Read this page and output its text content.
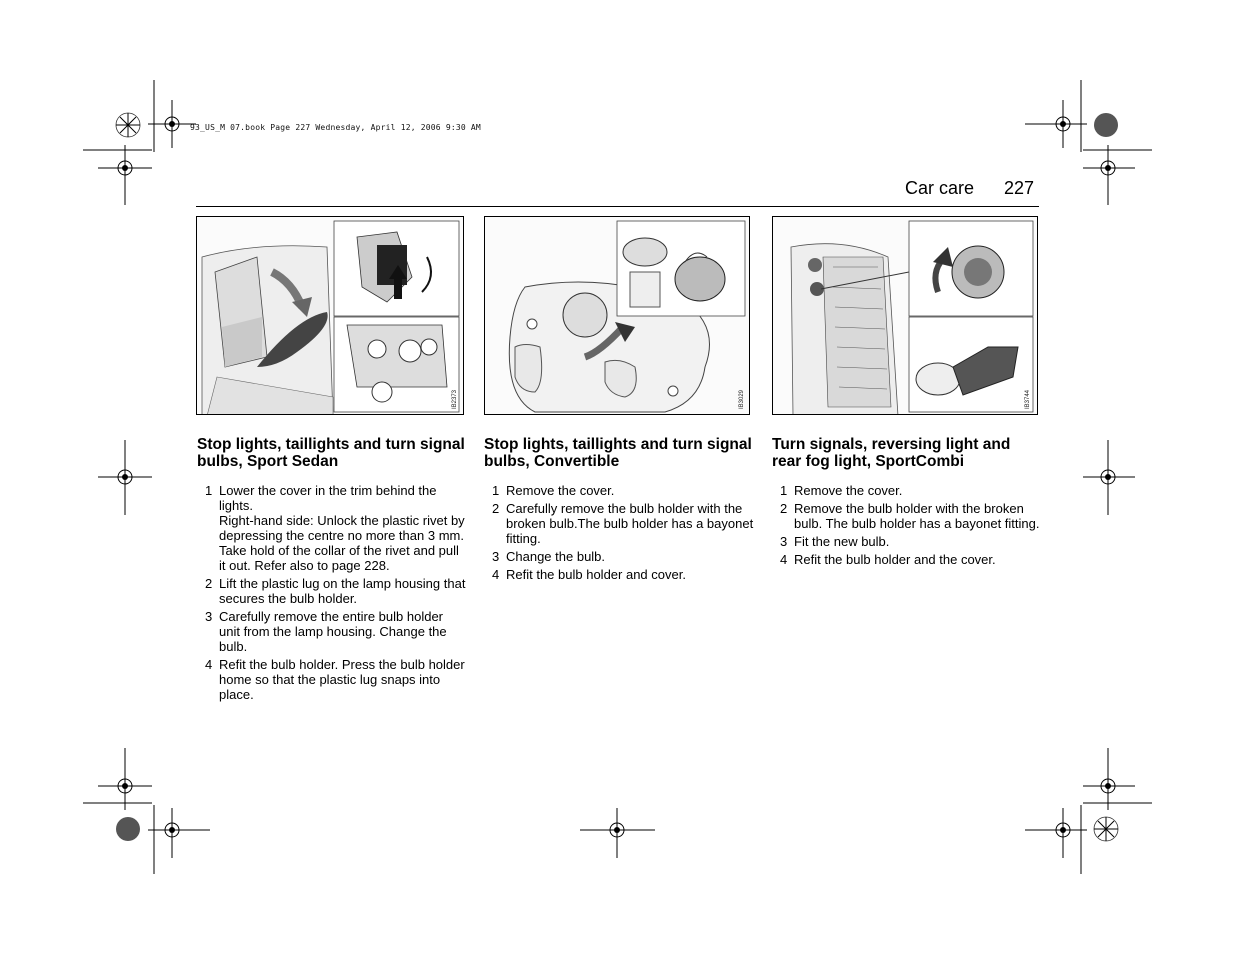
93_US_M 07.book Page 227 Wednesday, April 12, 2006 9:30 AM
Car care 227
IB2373	IB3029	IB3744
Stop lights, taillights and turn signal bulbs, Sport Sedan
1 Lower the cover in the trim behind the lights.
Right-hand side: Unlock the plastic rivet by depressing the centre no more than 3 mm. Take hold of the collar of the rivet and pull it out. Refer also to page 228.
2 Lift the plastic lug on the lamp housing that secures the bulb holder.
3 Carefully remove the entire bulb holder unit from the lamp housing. Change the bulb.
4 Refit the bulb holder. Press the bulb holder home so that the plastic lug snaps into place.
Stop lights, taillights and turn signal bulbs, Convertible
1 Remove the cover.
2 Carefully remove the bulb holder with the broken bulb.The bulb holder has a bayonet fitting.
3 Change the bulb.
4 Refit the bulb holder and cover.
Turn signals, reversing light and rear fog light, SportCombi
1 Remove the cover.
2 Remove the bulb holder with the broken bulb. The bulb holder has a bayonet fitting.
3 Fit the new bulb.
4 Refit the bulb holder and the cover.
